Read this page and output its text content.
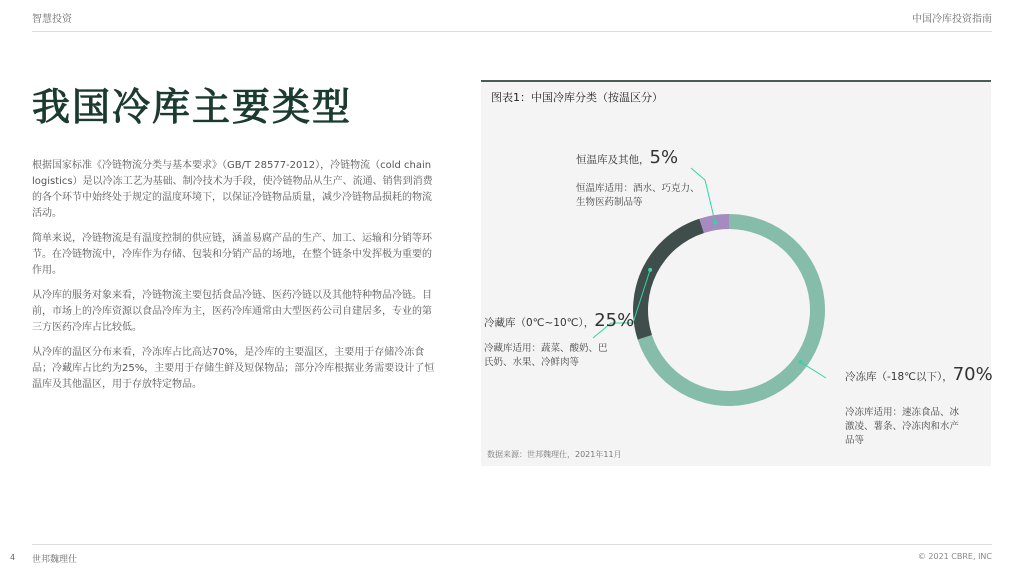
智慧投资	中国冷库投资指南
我国冷库主要类型

根据国家标准《冷链物流分类与基本要求》（GB/T 28577-2012），冷链物流（cold chain logistics）是以冷冻工艺为基础、制冷技术为手段，使冷链物品从生产、流通、销售到消费的各个环节中始终处于规定的温度环境下，以保证冷链物品质量，减少冷链物品损耗的物流活动。

简单来说，冷链物流是有温度控制的供应链，涵盖易腐产品的生产、加工、运输和分销等环节。在冷链物流中，冷库作为存储、包装和分销产品的场地，在整个链条中发挥极为重要的作用。

从冷库的服务对象来看，冷链物流主要包括食品冷链、医药冷链以及其他特种物品冷链。目前，市场上的冷库资源以食品冷库为主，医药冷库通常由大型医药公司自建居多，专业的第三方医药冷库占比较低。

从冷库的温区分布来看，冷冻库占比高达70%，是冷库的主要温区，主要用于存储冷冻食品；冷藏库占比约为25%，主要用于存储生鲜及短保物品；部分冷库根据业务需要设计了恒温库及其他温区，用于存放特定物品。

图表1：中国冷库分类（按温区分）
恒温库及其他，5%
恒温库适用：酒水、巧克力、
生物医药制品等
冷藏库（0℃~10℃），25%
冷藏库适用：蔬菜、酸奶、巴
氏奶、水果、冷鲜肉等
冷冻库（-18℃以下），70%
冷冻库适用：速冻食品、冰
激凌、薯条、冷冻肉和水产
品等
数据来源：世邦魏理仕，2021年11月
4 世邦魏理仕	© 2021 CBRE, INC
